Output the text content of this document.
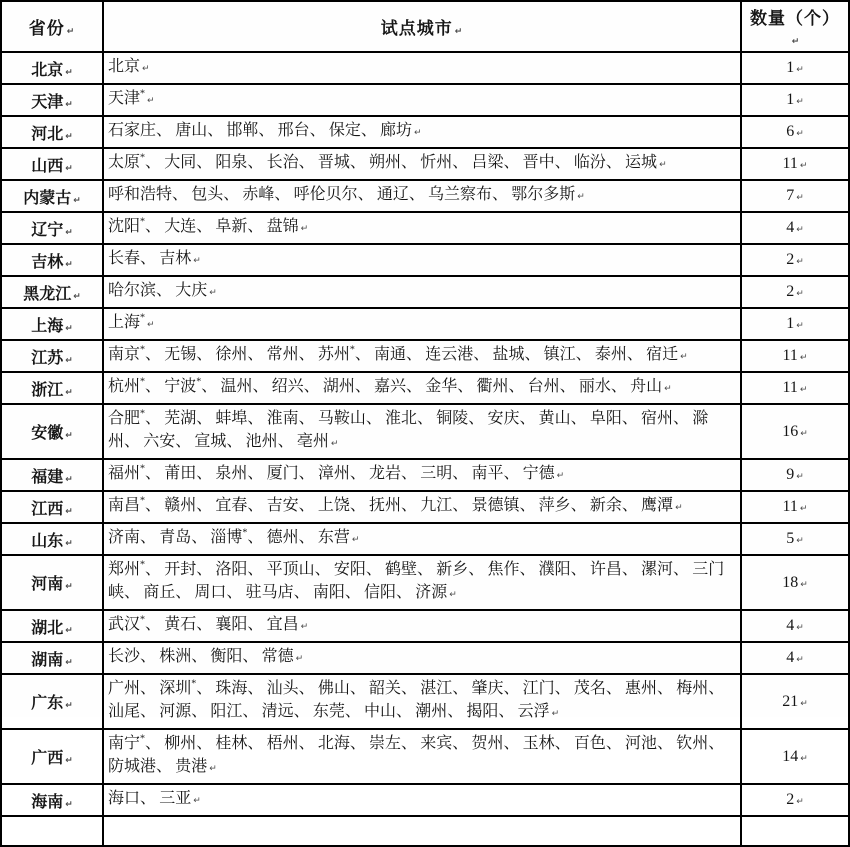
省份 ↵	试点城市 ↵	数量（个）↵
北京 ↵	北京 ↵	1 ↵
天津 ↵	天津*↵	1 ↵
河北 ↵	石家庄、 唐山、 邯郸、 邢台、 保定、 廊坊 ↵	6 ↵
山西 ↵	太原*、 大同、 阳泉、 长治、 晋城、 朔州、 忻州、 吕梁、 晋中、 临汾、 运城 ↵	11 ↵
内蒙古 ↵	呼和浩特、 包头、 赤峰、 呼伦贝尔、 通辽、 乌兰察布、 鄂尔多斯 ↵	7 ↵
辽宁 ↵	沈阳*、 大连、 阜新、 盘锦 ↵	4 ↵
吉林 ↵	长春、 吉林 ↵	2 ↵
黑龙江 ↵	哈尔滨、 大庆 ↵	2 ↵
上海 ↵	上海*↵	1 ↵
江苏 ↵	南京*、 无锡、 徐州、 常州、 苏州*、 南通、 连云港、 盐城、 镇江、 泰州、 宿迁 ↵	11 ↵
浙江 ↵	杭州*、 宁波*、 温州、 绍兴、 湖州、 嘉兴、 金华、 衢州、 台州、 丽水、 舟山 ↵	11 ↵
安徽 ↵	合肥*、 芜湖、 蚌埠、 淮南、 马鞍山、 淮北、 铜陵、 安庆、 黄山、 阜阳、 宿州、 滁州、 六安、 宣城、 池州、 亳州 ↵	16 ↵
福建 ↵	福州*、 莆田、 泉州、 厦门、 漳州、 龙岩、 三明、 南平、 宁德 ↵	9 ↵
江西 ↵	南昌*、 赣州、 宜春、 吉安、 上饶、 抚州、 九江、 景德镇、 萍乡、 新余、 鹰潭 ↵	11 ↵
山东 ↵	济南、 青岛、 淄博*、 德州、 东营 ↵	5 ↵
河南 ↵	郑州*、 开封、 洛阳、 平顶山、 安阳、 鹤壁、 新乡、 焦作、 濮阳、 许昌、 漯河、 三门峡、 商丘、 周口、 驻马店、 南阳、 信阳、 济源 ↵	18 ↵
湖北 ↵	武汉*、 黄石、 襄阳、 宜昌 ↵	4 ↵
湖南 ↵	长沙、 株洲、 衡阳、 常德 ↵	4 ↵
广东 ↵	广州、 深圳*、 珠海、 汕头、 佛山、 韶关、 湛江、 肇庆、 江门、 茂名、 惠州、 梅州、 汕尾、 河源、 阳江、 清远、 东莞、 中山、 潮州、 揭阳、 云浮 ↵	21 ↵
广西 ↵	南宁*、 柳州、 桂林、 梧州、 北海、 崇左、 来宾、 贺州、 玉林、 百色、 河池、 钦州、 防城港、 贵港 ↵	14 ↵
海南 ↵	海口、 三亚 ↵	2 ↵
